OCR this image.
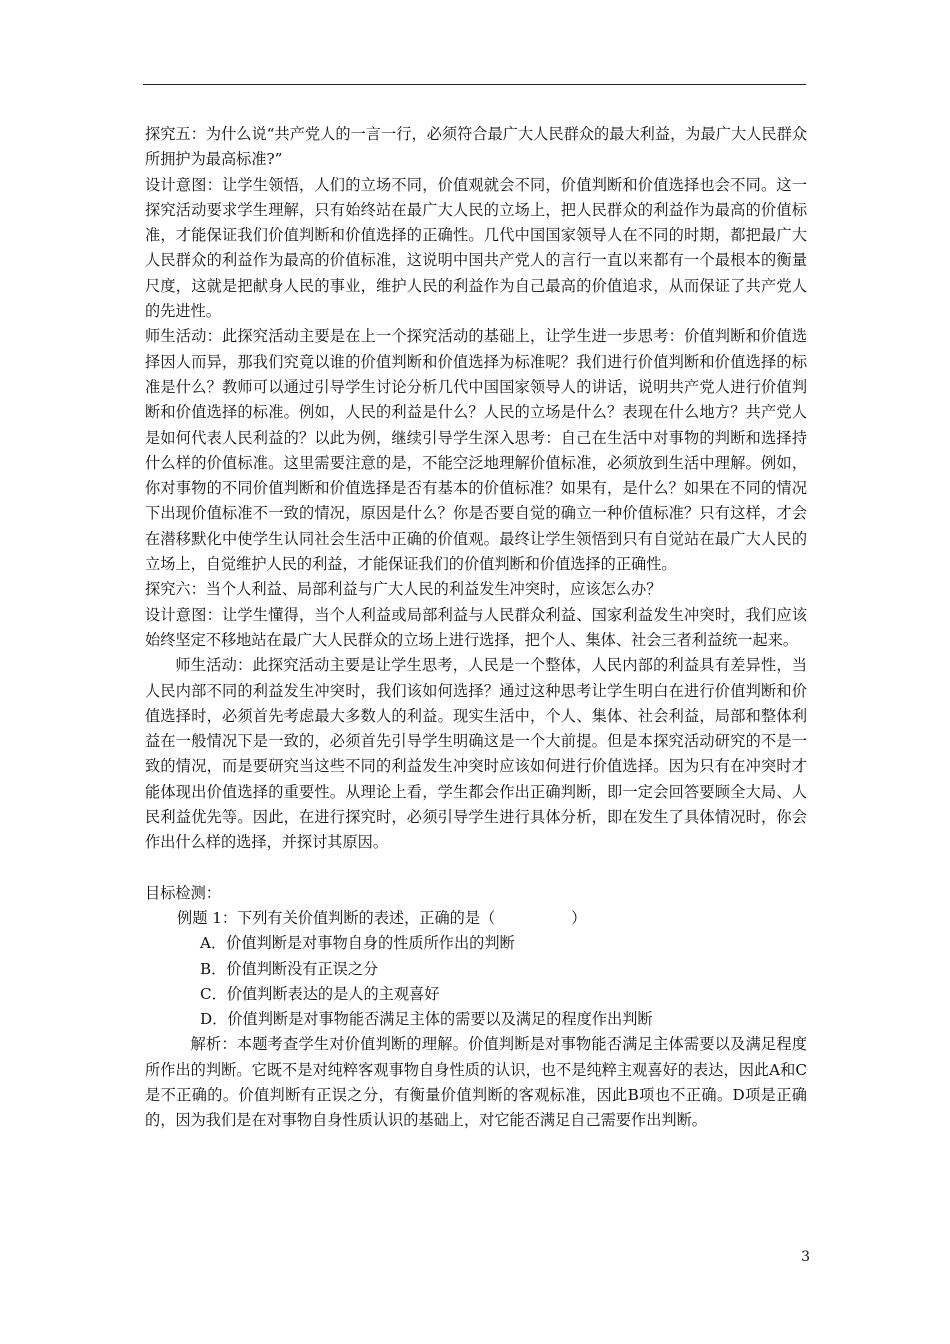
探究五：为什么说“共产党人的一言一行，必须符合最广大人民群众的最大利益，为最广大人民群众所拥护为最高标准?”

设计意图：让学生领悟，人们的立场不同，价值观就会不同，价值判断和价值选择也会不同。这一探究活动要求学生理解，只有始终站在最广大人民的立场上，把人民群众的利益作为最高的价值标准，才能保证我们价值判断和价值选择的正确性。几代中国国家领导人在不同的时期，都把最广大人民群众的利益作为最高的价值标准，这说明中国共产党人的言行一直以来都有一个最根本的衡量尺度，这就是把献身人民的事业，维护人民的利益作为自己最高的价值追求，从而保证了共产党人的先进性。

师生活动：此探究活动主要是在上一个探究活动的基础上，让学生进一步思考：价值判断和价值选择因人而异，那我们究竟以谁的价值判断和价值选择为标准呢？我们进行价值判断和价值选择的标准是什么？教师可以通过引导学生讨论分析几代中国国家领导人的讲话，说明共产党人进行价值判断和价值选择的标准。例如，人民的利益是什么？人民的立场是什么？表现在什么地方？共产党人是如何代表人民利益的？以此为例，继续引导学生深入思考：自己在生活中对事物的判断和选择持什么样的价值标准。这里需要注意的是，不能空泛地理解价值标准，必须放到生活中理解。例如，你对事物的不同价值判断和价值选择是否有基本的价值标准？如果有，是什么？如果在不同的情况下出现价值标准不一致的情况，原因是什么？你是否要自觉的确立一种价值标准？只有这样，才会在潜移默化中使学生认同社会生活中正确的价值观。最终让学生领悟到只有自觉站在最广大人民的立场上，自觉维护人民的利益，才能保证我们的价值判断和价值选择的正确性。

探究六：当个人利益、局部利益与广大人民的利益发生冲突时，应该怎么办？

设计意图：让学生懂得，当个人利益或局部利益与人民群众利益、国家利益发生冲突时，我们应该始终坚定不移地站在最广大人民群众的立场上进行选择，把个人、集体、社会三者利益统一起来。

师生活动：此探究活动主要是让学生思考，人民是一个整体，人民内部的利益具有差异性，当人民内部不同的利益发生冲突时，我们该如何选择？通过这种思考让学生明白在进行价值判断和价值选择时，必须首先考虑最大多数人的利益。现实生活中，个人、集体、社会利益，局部和整体利益在一般情况下是一致的，必须首先引导学生明确这是一个大前提。但是本探究活动研究的不是一致的情况，而是要研究当这些不同的利益发生冲突时应该如何进行价值选择。因为只有在冲突时才能体现出价值选择的重要性。从理论上看，学生都会作出正确判断，即一定会回答要顾全大局、人民利益优先等。因此，在进行探究时，必须引导学生进行具体分析，即在发生了具体情况时，你会作出什么样的选择，并探讨其原因。

目标检测：

例题 1：下列有关价值判断的表述，正确的是（　　　　　）

A．价值判断是对事物自身的性质所作出的判断

B．价值判断没有正误之分

C．价值判断表达的是人的主观喜好

D．价值判断是对事物能否满足主体的需要以及满足的程度作出判断

解析：本题考查学生对价值判断的理解。价值判断是对事物能否满足主体需要以及满足程度所作出的判断。它既不是对纯粹客观事物自身性质的认识，也不是纯粹主观喜好的表达，因此A和C是不正确的。价值判断有正误之分，有衡量价值判断的客观标准，因此B项也不正确。D项是正确的，因为我们是在对事物自身性质认识的基础上，对它能否满足自己需要作出判断。

3
